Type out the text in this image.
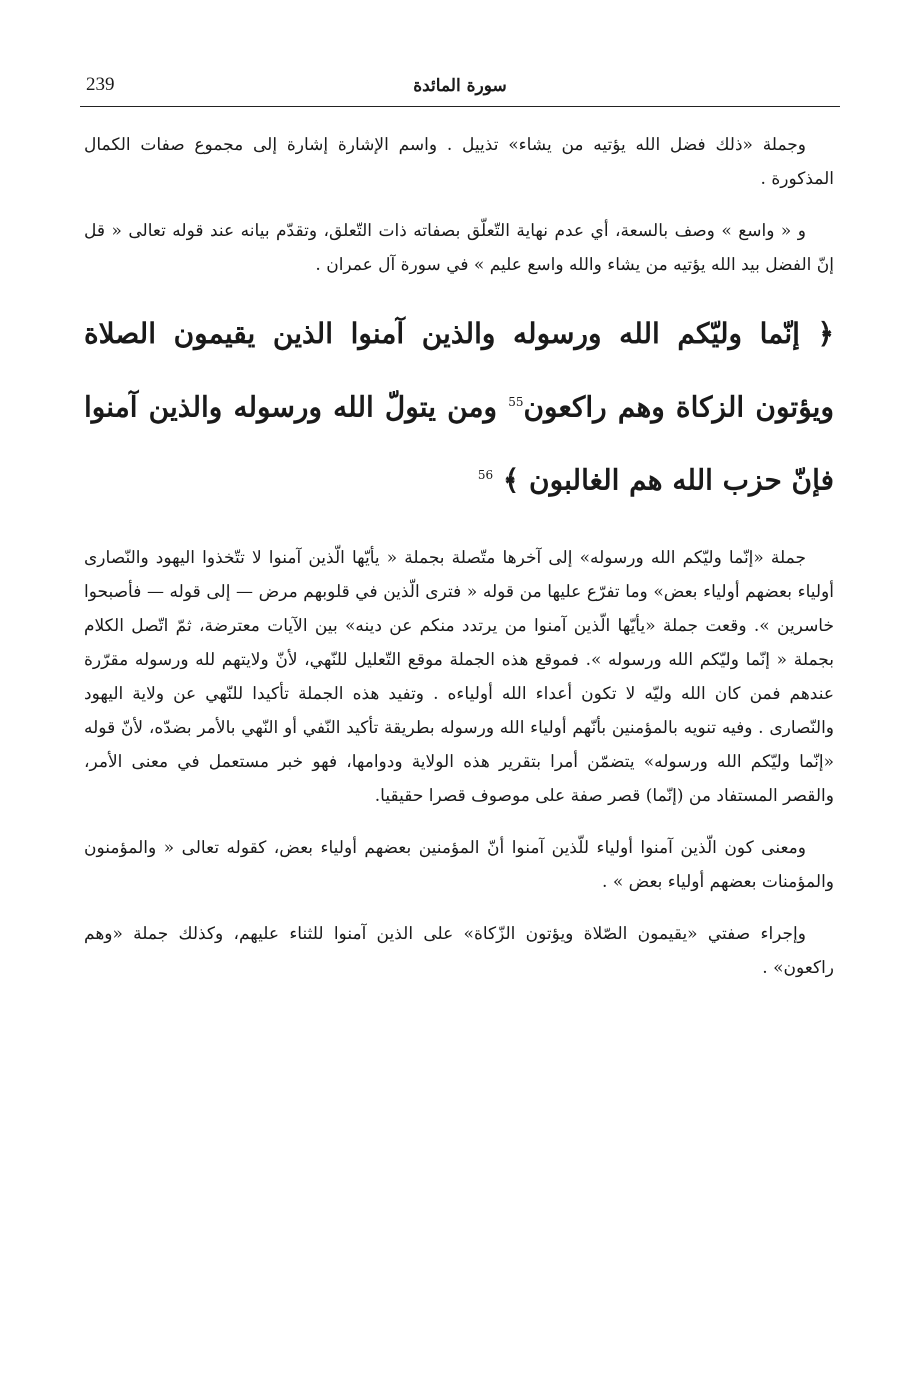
239	سورة المائدة

وجملة «ذلك فضل الله يؤتيه من يشاء» تذييل . واسم الإشارة إشارة إلى مجموع صفات الكمال المذكورة .

و « واسع » وصف بالسعة، أي عدم نهاية التّعلّق بصفاته ذات التّعلق، وتقدّم بيانه عند قوله تعالى « قل إنّ الفضل بيد الله يؤتيه من يشاء والله واسع عليم » في سورة آل عمران .

﴿ إنّما وليّكم الله ورسوله والذين آمنوا الذين يقيمون الصلاة ويؤتون الزكاة وهم راكعون$^{55}$ ومن يتولّ الله ورسوله والذين آمنوا فإنّ حزب الله هم الغالبون ﴾ $^{56}$

جملة «إنّما وليّكم الله ورسوله» إلى آخرها متّصلة بجملة « يأيّها الّذين آمنوا لا تتّخذوا اليهود والنّصارى أولياء بعضهم أولياء بعض» وما تفرّع عليها من قوله « فترى الّذين في قلوبهم مرض — إلى قوله — فأصبحوا خاسرين ». وقعت جملة «يأيّها الّذين آمنوا من يرتدد منكم عن دينه» بين الآيات معترضة، ثمّ اتّصل الكلام بجملة « إنّما وليّكم الله ورسوله ». فموقع هذه الجملة موقع التّعليل للنّهي، لأنّ ولايتهم لله ورسوله مقرّرة عندهم فمن كان الله وليّه لا تكون أعداء الله أولياءه . وتفيد هذه الجملة تأكيدا للنّهي عن ولاية اليهود والنّصارى . وفيه تنويه بالمؤمنين بأنّهم أولياء الله ورسوله بطريقة تأكيد النّفي أو النّهي بالأمر بضدّه، لأنّ قوله «إنّما وليّكم الله ورسوله» يتضمّن أمرا بتقرير هذه الولاية ودوامها، فهو خبر مستعمل في معنى الأمر، والقصر المستفاد من (إنّما) قصر صفة على موصوف قصرا حقيقيا.

ومعنى كون الّذين آمنوا أولياء للّذين آمنوا أنّ المؤمنين بعضهم أولياء بعض، كقوله تعالى « والمؤمنون والمؤمنات بعضهم أولياء بعض » .

وإجراء صفتي «يقيمون الصّلاة ويؤتون الزّكاة» على الذين آمنوا للثناء عليهم، وكذلك جملة «وهم راكعون» .
